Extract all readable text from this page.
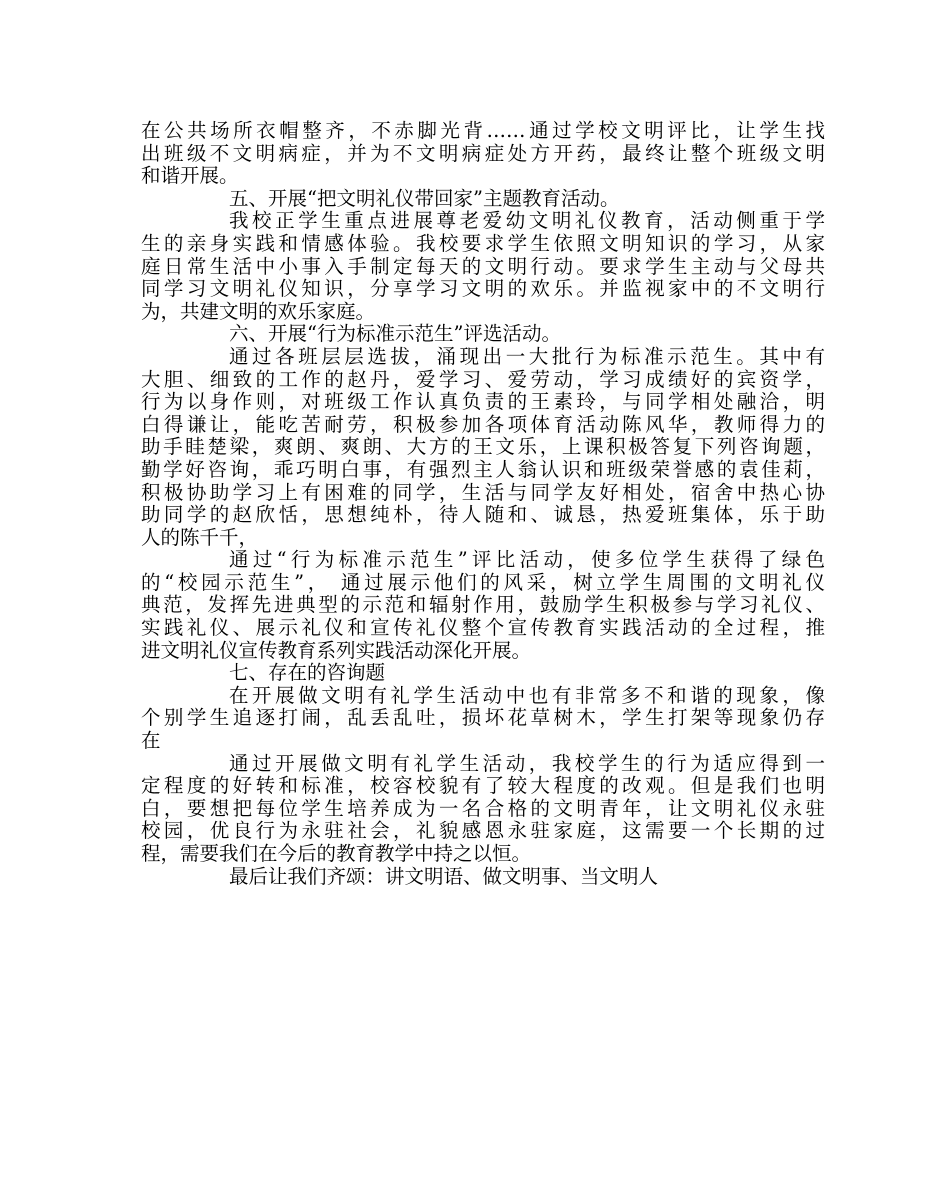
在公共场所衣帽整齐，不赤脚光背……通过学校文明评比，让学生找
出班级不文明病症，并为不文明病症处方开药，最终让整个班级文明
和谐开展。
五、开展“把文明礼仪带回家”主题教育活动。
我校正学生重点进展尊老爱幼文明礼仪教育，活动侧重于学
生的亲身实践和情感体验。我校要求学生依照文明知识的学习，从家
庭日常生活中小事入手制定每天的文明行动。要求学生主动与父母共
同学习文明礼仪知识，分享学习文明的欢乐。并监视家中的不文明行
为，共建文明的欢乐家庭。
六、开展“行为标准示范生”评选活动。
通过各班层层选拔，涌现出一大批行为标准示范生。其中有
大胆、细致的工作的赵丹，爱学习、爱劳动，学习成绩好的宾资学，
行为以身作则，对班级工作认真负责的王素玲，与同学相处融洽，明
白得谦让，能吃苦耐劳，积极参加各项体育活动陈风华，教师得力的
助手眭楚梁，爽朗、爽朗、大方的王文乐，上课积极答复下列咨询题，
勤学好咨询，乖巧明白事，有强烈主人翁认识和班级荣誉感的袁佳莉，
积极协助学习上有困难的同学，生活与同学友好相处，宿舍中热心协
助同学的赵欣恬，思想纯朴，待人随和、诚恳，热爱班集体，乐于助
人的陈千千，
通过“行为标准示范生”评比活动，使多位学生获得了绿色
的“校园示范生”， 通过展示他们的风采，树立学生周围的文明礼仪
典范，发挥先进典型的示范和辐射作用，鼓励学生积极参与学习礼仪、
实践礼仪、展示礼仪和宣传礼仪整个宣传教育实践活动的全过程，推
进文明礼仪宣传教育系列实践活动深化开展。
七、存在的咨询题
在开展做文明有礼学生活动中也有非常多不和谐的现象，像
个别学生追逐打闹，乱丢乱吐，损坏花草树木，学生打架等现象仍存
在
通过开展做文明有礼学生活动，我校学生的行为适应得到一
定程度的好转和标准，校容校貌有了较大程度的改观。但是我们也明
白，要想把每位学生培养成为一名合格的文明青年，让文明礼仪永驻
校园，优良行为永驻社会，礼貌感恩永驻家庭，这需要一个长期的过
程，需要我们在今后的教育教学中持之以恒。
最后让我们齐颂：讲文明语、做文明事、当文明人
